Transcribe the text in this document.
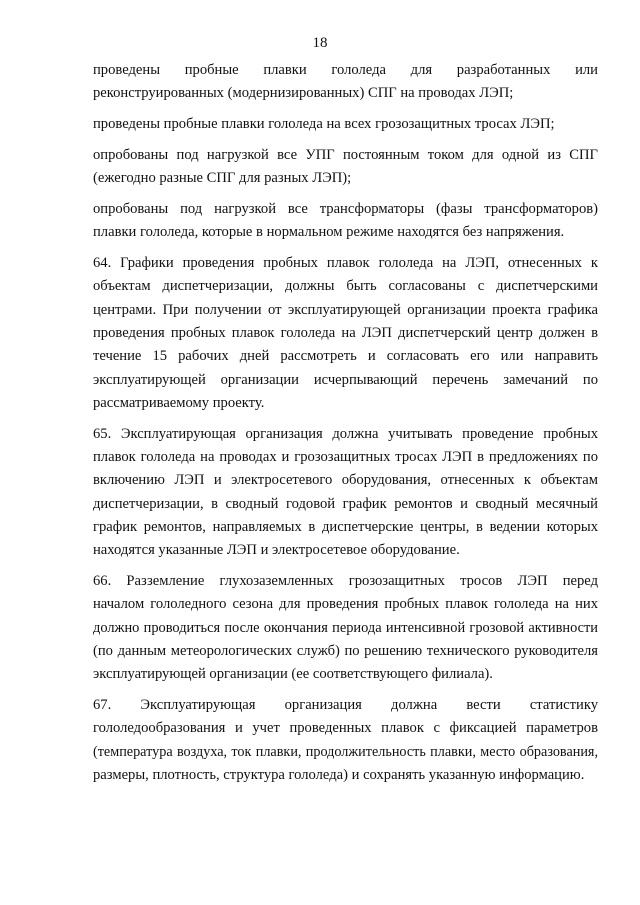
18
проведены пробные плавки гололеда для разработанных или
реконструированных (модернизированных) СПГ на проводах ЛЭП;
проведены пробные плавки гололеда на всех грозозащитных тросах ЛЭП;
опробованы под нагрузкой все УПГ постоянным током для одной из СПГ
(ежегодно разные СПГ для разных ЛЭП);
опробованы под нагрузкой все трансформаторы (фазы трансформаторов)
плавки гололеда, которые в нормальном режиме находятся без напряжения.
64. Графики проведения пробных плавок гололеда на ЛЭП, отнесенных к
объектам диспетчеризации, должны быть согласованы с диспетчерскими
центрами. При получении от эксплуатирующей организации проекта графика
проведения пробных плавок гололеда на ЛЭП диспетчерский центр должен в
течение 15 рабочих дней рассмотреть и согласовать его или направить
эксплуатирующей организации исчерпывающий перечень замечаний по
рассматриваемому проекту.
65. Эксплуатирующая организация должна учитывать проведение пробных
плавок гололеда на проводах и грозозащитных тросах ЛЭП в предложениях по
включению ЛЭП и электросетевого оборудования, отнесенных к объектам
диспетчеризации, в сводный годовой график ремонтов и сводный месячный
график ремонтов, направляемых в диспетчерские центры, в ведении которых
находятся указанные ЛЭП и электросетевое оборудование.
66. Разземление глухозаземленных грозозащитных тросов ЛЭП перед
началом гололедного сезона для проведения пробных плавок гололеда на них
должно проводиться после окончания периода интенсивной грозовой активности
(по данным метеорологических служб) по решению технического руководителя
эксплуатирующей организации (ее соответствующего филиала).
67. Эксплуатирующая организация должна вести статистику
гололедообразования и учет проведенных плавок с фиксацией параметров
(температура воздуха, ток плавки, продолжительность плавки, место образования,
размеры, плотность, структура гололеда) и сохранять указанную информацию.
